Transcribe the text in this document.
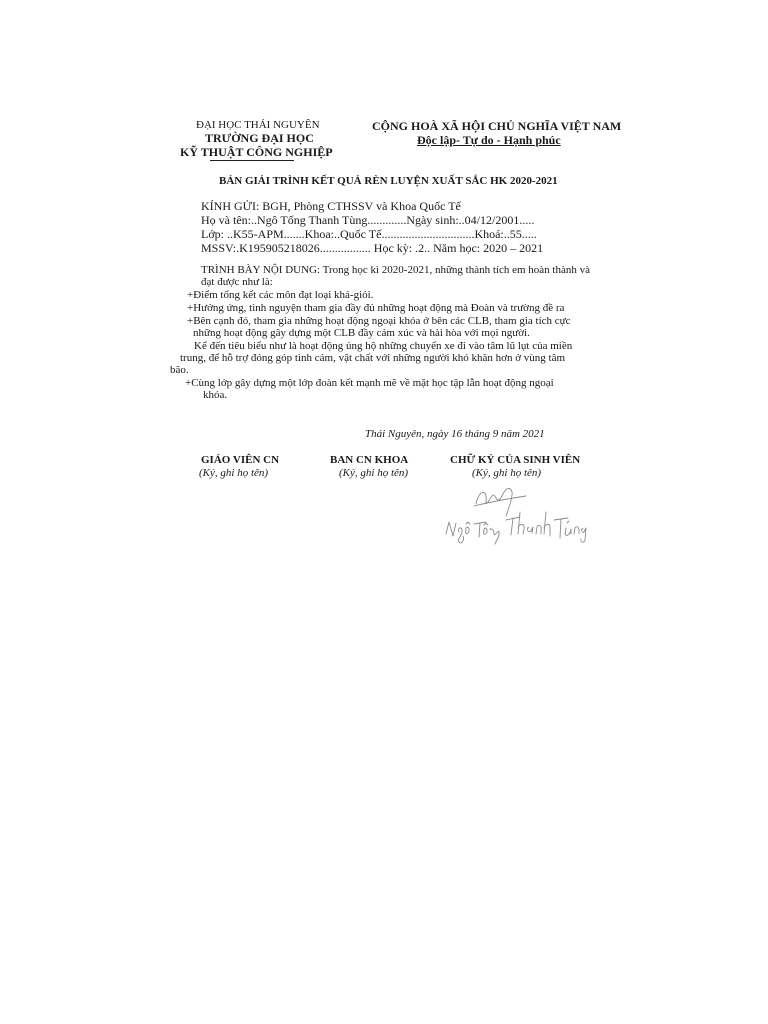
ĐẠI HỌC THÁI NGUYÊN
TRƯỜNG ĐẠI HỌC
KỸ THUẬT CÔNG NGHIỆP
CỘNG HOÀ XÃ HỘI CHỦ NGHĨA VIỆT NAM
Độc lập- Tự do - Hạnh phúc
BẢN GIẢI TRÌNH KẾT QUẢ RÈN LUYỆN XUẤT SẮC HK 2020-2021
KÍNH GỬI: BGH, Phòng CTHSSV và Khoa Quốc Tế
Họ và tên:..Ngô Tống Thanh Tùng.............Ngày sinh:..04/12/2001.....
Lớp: ..K55-APM.......Khoa:..Quốc Tế...............................Khoá:..55.....
MSSV:.K195905218026................. Học kỳ: .2.. Năm học: 2020 – 2021
TRÌNH BÀY NỘI DUNG: Trong học kì 2020-2021, những thành tích em hoàn thành và
đạt được như là:
+Điểm tổng kết các môn đạt loại khá-giỏi.
+Hưởng ứng, tình nguyện tham gia đầy đủ những hoạt động mà Đoàn và trường đề ra
+Bên cạnh đó, tham gia những hoạt động ngoại khóa ở bên các CLB, tham gia tích cực
những hoạt động gây dựng một CLB đầy cảm xúc và hài hòa với mọi người.
Kể đến tiêu biểu như là hoạt động ủng hộ những chuyến xe đi vào tâm lũ lụt của miền
trung, để hỗ trợ đóng góp tình cảm, vật chất với những người khó khăn hơn ở vùng tâm
bão.
+Cùng lớp gây dựng một lớp đoàn kết mạnh mẽ về mặt học tập lẫn hoạt động ngoại
khóa.
Thái Nguyên, ngày 16 tháng 9 năm 2021
GIÁO VIÊN CN
(Ký, ghi họ tên)
BAN CN KHOA
(Ký, ghi họ tên)
CHỮ KÝ CỦA SINH VIÊN
(Ký, ghi họ tên)
